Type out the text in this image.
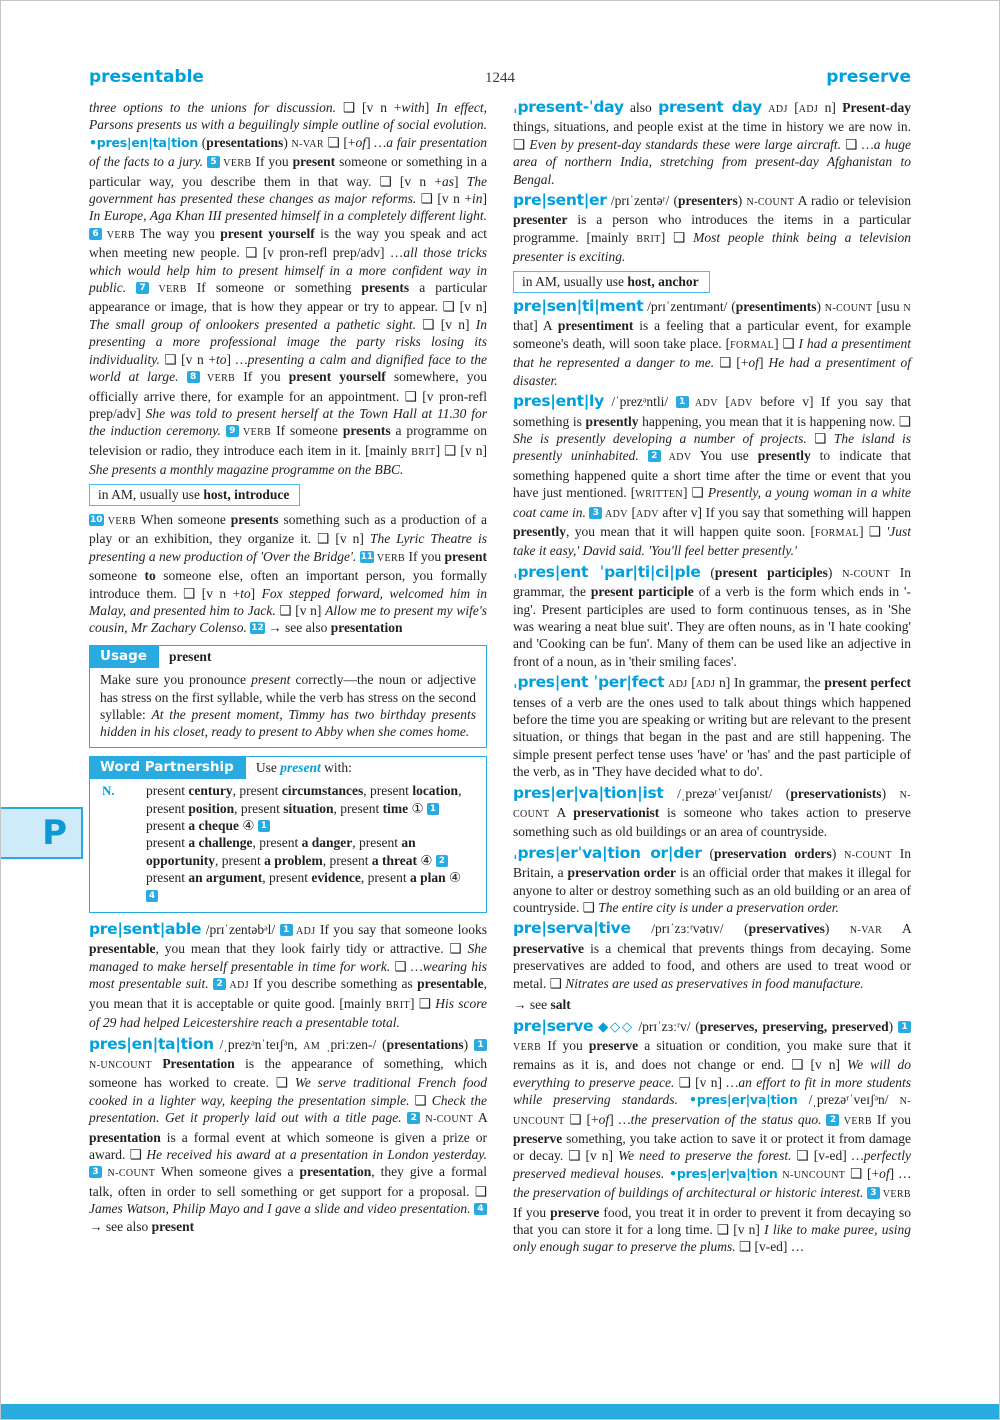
presentable	1244	preserve

three options to the unions for discussion. ❑ [v n +with] In effect, Parsons presents us with a beguilingly simple outline of social evolution. •pres|en|ta|tion (presentations) N-VAR ❑ [+of] …a fair presentation of the facts to a jury. 5 VERB If you present someone or something in a particular way, you describe them in that way. ❑ [v n +as] The government has presented these changes as major reforms. ❑ [v n +in] In Europe, Aga Khan III presented himself in a completely different light. 6 VERB The way you present yourself is the way you speak and act when meeting new people. ❑ [v pron-refl prep/adv] …all those tricks which would help him to present himself in a more confident way in public. 7 VERB If someone or something presents a particular appearance or image, that is how they appear or try to appear. ❑ [v n] The small group of onlookers presented a pathetic sight. ❑ [v n] In presenting a more professional image the party risks losing its individuality. ❑ [v n +to] …presenting a calm and dignified face to the world at large. 8 VERB If you present yourself somewhere, you officially arrive there, for example for an appointment. ❑ [v pron-refl prep/adv] She was told to present herself at the Town Hall at 11.30 for the induction ceremony. 9 VERB If someone presents a programme on television or radio, they introduce each item in it. [mainly BRIT] ❑ [v n] She presents a monthly magazine programme on the BBC.

in AM, usually use host, introduce

10 VERB When someone presents something such as a production of a play or an exhibition, they organize it. ❑ [v n] The Lyric Theatre is presenting a new production of 'Over the Bridge'. 11 VERB If you present someone to someone else, often an important person, you formally introduce them. ❑ [v n +to] Fox stepped forward, welcomed him in Malay, and presented him to Jack. ❑ [v n] Allow me to present my wife's cousin, Mr Zachary Colenso. 12 → see also presentation

Usage	present

Make sure you pronounce present correctly—the noun or adjective has stress on the first syllable, while the verb has stress on the second syllable: At the present moment, Timmy has two birthday presents hidden in his closet, ready to present to Abby when she comes home.

Word Partnership	Use present with:
N.	present century, present circumstances, present location, present position, present situation, present time ① 1
present a cheque ④ 1
present a challenge, present a danger, present an opportunity, present a problem, present a threat ④ 2
present an argument, present evidence, present a plan ④ 4

pre|sent|able /prɪˈzentəbᵊl/ 1 ADJ If you say that someone looks presentable, you mean that they look fairly tidy or attractive. ❑ She managed to make herself presentable in time for work. ❑ …wearing his most presentable suit. 2 ADJ If you describe something as presentable, you mean that it is acceptable or quite good. [mainly BRIT] ❑ His score of 29 had helped Leicestershire reach a presentable total.

pres|en|ta|tion /ˌprezᵊnˈteɪʃᵊn, AM ˌpriːzen-/ (presentations) 1 N-UNCOUNT Presentation is the appearance of something, which someone has worked to create. ❑ We serve traditional French food cooked in a lighter way, keeping the presentation simple. ❑ Check the presentation. Get it properly laid out with a title page. 2 N-COUNT A presentation is a formal event at which someone is given a prize or award. ❑ He received his award at a presentation in London yesterday. 3 N-COUNT When someone gives a presentation, they give a formal talk, often in order to sell something or get support for a proposal. ❑ James Watson, Philip Mayo and I gave a slide and video presentation. 4 → see also present

ˌpresent-ˈday also present day ADJ [ADJ n] Present-day things, situations, and people exist at the time in history we are now in. ❑ Even by present-day standards these were large aircraft. ❑ …a huge area of northern India, stretching from present-day Afghanistan to Bengal.

pre|sent|er /prɪˈzentəʳ/ (presenters) N-COUNT A radio or television presenter is a person who introduces the items in a particular programme. [mainly BRIT] ❑ Most people think being a television presenter is exciting.

in AM, usually use host, anchor

pre|sen|ti|ment /prɪˈzentɪmənt/ (presentiments) N-COUNT [usu N that] A presentiment is a feeling that a particular event, for example someone's death, will soon take place. [FORMAL] ❑ I had a presentiment that he represented a danger to me. ❑ [+of] He had a presentiment of disaster.

pres|ent|ly /ˈprezᵊntli/ 1 ADV [ADV before v] If you say that something is presently happening, you mean that it is happening now. ❑ She is presently developing a number of projects. ❑ The island is presently uninhabited. 2 ADV You use presently to indicate that something happened quite a short time after the time or event that you have just mentioned. [WRITTEN] ❑ Presently, a young woman in a white coat came in. 3 ADV [ADV after v] If you say that something will happen presently, you mean that it will happen quite soon. [FORMAL] ❑ 'Just take it easy,' David said. 'You'll feel better presently.'

ˌpres|ent ˈpar|ti|ci|ple (present participles) N-COUNT In grammar, the present participle of a verb is the form which ends in '-ing'. Present participles are used to form continuous tenses, as in 'She was wearing a neat blue suit'. They are often nouns, as in 'I hate cooking' and 'Cooking can be fun'. Many of them can be used like an adjective in front of a noun, as in 'their smiling faces'.

ˌpres|ent ˈper|fect ADJ [ADJ n] In grammar, the present perfect tenses of a verb are the ones used to talk about things which happened before the time you are speaking or writing but are relevant to the present situation, or things that began in the past and are still happening. The simple present perfect tense uses 'have' or 'has' and the past participle of the verb, as in 'They have decided what to do'.

pres|er|va|tion|ist /ˌprezəʳˈveɪʃənɪst/ (preservationists) N-COUNT A preservationist is someone who takes action to preserve something such as old buildings or an area of countryside.

ˌpres|erˈva|tion or|der (preservation orders) N-COUNT In Britain, a preservation order is an official order that makes it illegal for anyone to alter or destroy something such as an old building or an area of countryside. ❑ The entire city is under a preservation order.

pre|serva|tive /prɪˈzɜːʳvətɪv/ (preservatives) N-VAR A preservative is a chemical that prevents things from decaying. Some preservatives are added to food, and others are used to treat wood or metal. ❑ Nitrates are used as preservatives in food manufacture.

→ see salt

pre|serve ◆◇◇ /prɪˈzɜːʳv/ (preserves, preserving, preserved) 1 VERB If you preserve a situation or condition, you make sure that it remains as it is, and does not change or end. ❑ [v n] We will do everything to preserve peace. ❑ [v n] …an effort to fit in more students while preserving standards. •pres|er|va|tion /ˌprezəʳˈveɪʃᵊn/ N-UNCOUNT ❑ [+of] …the preservation of the status quo. 2 VERB If you preserve something, you take action to save it or protect it from damage or decay. ❑ [v n] We need to preserve the forest. ❑ [v-ed] …perfectly preserved medieval houses. •pres|er|va|tion N-UNCOUNT ❑ [+of] …the preservation of buildings of architectural or historic interest. 3 VERB If you preserve food, you treat it in order to prevent it from decaying so that you can store it for a long time. ❑ [v n] I like to make puree, using only enough sugar to preserve the plums. ❑ [v-ed] …

P
